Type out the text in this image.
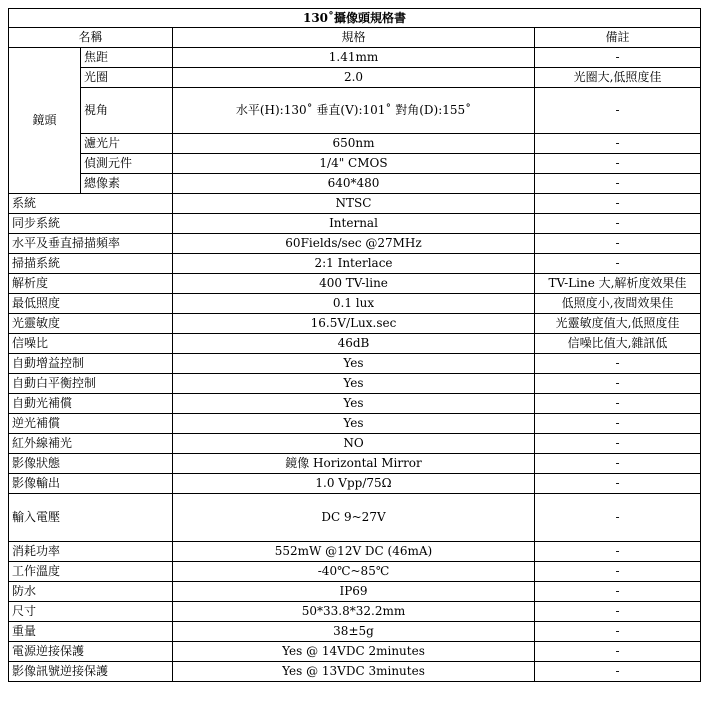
130˚攝像頭規格書			
名稱		規格	備註
鏡頭	焦距	1.41mm	-
	光圈	2.0	光圈大,低照度佳
	視角	水平(H):130˚ 垂直(V):101˚ 對角(D):155˚	-
	濾光片	650nm	-
	偵測元件	1/4" CMOS	-
	總像素	640*480	-
系統		NTSC	-
同步系統		Internal	-
水平及垂直掃描頻率		60Fields/sec @27MHz	-
掃描系統		2:1 Interlace	-
解析度		400 TV-line	TV-Line 大,解析度效果佳
最低照度		0.1 lux	低照度小,夜間效果佳
光靈敏度		16.5V/Lux.sec	光靈敏度值大,低照度佳
信噪比		46dB	信噪比值大,雜訊低
自動增益控制		Yes	-
自動白平衡控制		Yes	-
自動光補償		Yes	-
逆光補償		Yes	-
紅外線補光		NO	-
影像狀態		鏡像 Horizontal Mirror	-
影像輸出		1.0 Vpp/75Ω	-
輸入電壓		DC 9~27V	-
消耗功率		552mW @12V DC (46mA)	-
工作溫度		-40℃~85℃	-
防水		IP69	-
尺寸		50*33.8*32.2mm	-
重量		38±5g	-
電源逆接保護		Yes @ 14VDC 2minutes	-
影像訊號逆接保護		Yes @ 13VDC 3minutes	-
